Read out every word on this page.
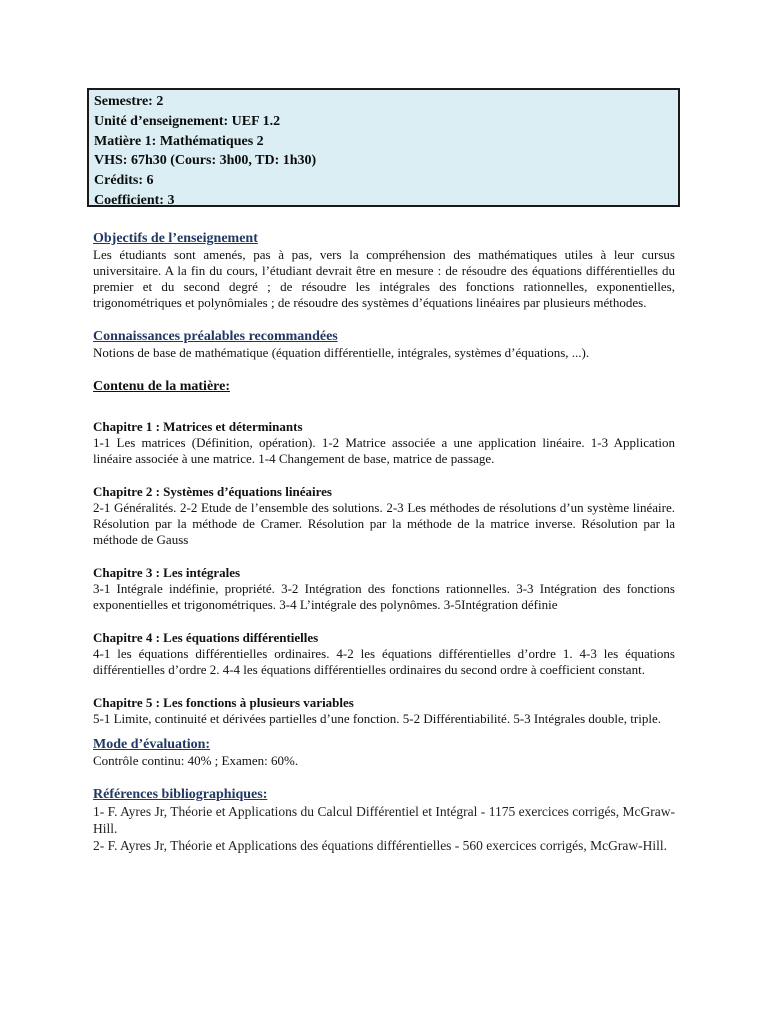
Semestre: 2
Unité d’enseignement: UEF 1.2
Matière 1: Mathématiques 2
VHS: 67h30 (Cours: 3h00, TD: 1h30)
Crédits: 6
Coefficient: 3
Objectifs de l’enseignement

Les étudiants sont amenés, pas à pas, vers la compréhension des mathématiques utiles à leur cursus universitaire. A la fin du cours, l’étudiant devrait être en mesure : de résoudre des équations différentielles du premier et du second degré ; de résoudre les intégrales des fonctions rationnelles, exponentielles, trigonométriques et polynômiales ; de résoudre des systèmes d’équations linéaires par plusieurs méthodes.

Connaissances préalables recommandées

Notions de base de mathématique (équation différentielle, intégrales, systèmes d’équations, ...).

Contenu de la matière:
Chapitre 1 : Matrices et déterminants

1-1 Les matrices (Définition, opération). 1-2 Matrice associée a une application linéaire. 1-3 Application linéaire associée à une matrice. 1-4 Changement de base, matrice de passage.

Chapitre 2 : Systèmes d’équations linéaires

2-1 Généralités. 2-2 Etude de l’ensemble des solutions. 2-3 Les méthodes de résolutions d’un système linéaire. Résolution par la méthode de Cramer. Résolution par la méthode de la matrice inverse. Résolution par la méthode de Gauss

Chapitre 3 : Les intégrales

3-1 Intégrale indéfinie, propriété. 3-2 Intégration des fonctions rationnelles. 3-3 Intégration des fonctions exponentielles et trigonométriques. 3-4 L’intégrale des polynômes. 3-5Intégration définie

Chapitre 4 : Les équations différentielles

4-1 les équations différentielles ordinaires. 4-2 les équations différentielles d’ordre 1. 4-3 les équations différentielles d’ordre 2. 4-4 les équations différentielles ordinaires du second ordre à coefficient constant.

Chapitre 5 : Les fonctions à plusieurs variables

5-1 Limite, continuité et dérivées partielles d’une fonction. 5-2 Différentiabilité. 5-3 Intégrales double, triple.

Mode d’évaluation:

Contrôle continu: 40% ; Examen: 60%.

Références bibliographiques:

1- F. Ayres Jr, Théorie et Applications du Calcul Différentiel et Intégral - 1175 exercices corrigés, McGraw-Hill.

2- F. Ayres Jr, Théorie et Applications des équations différentielles - 560 exercices corrigés, McGraw-Hill.
